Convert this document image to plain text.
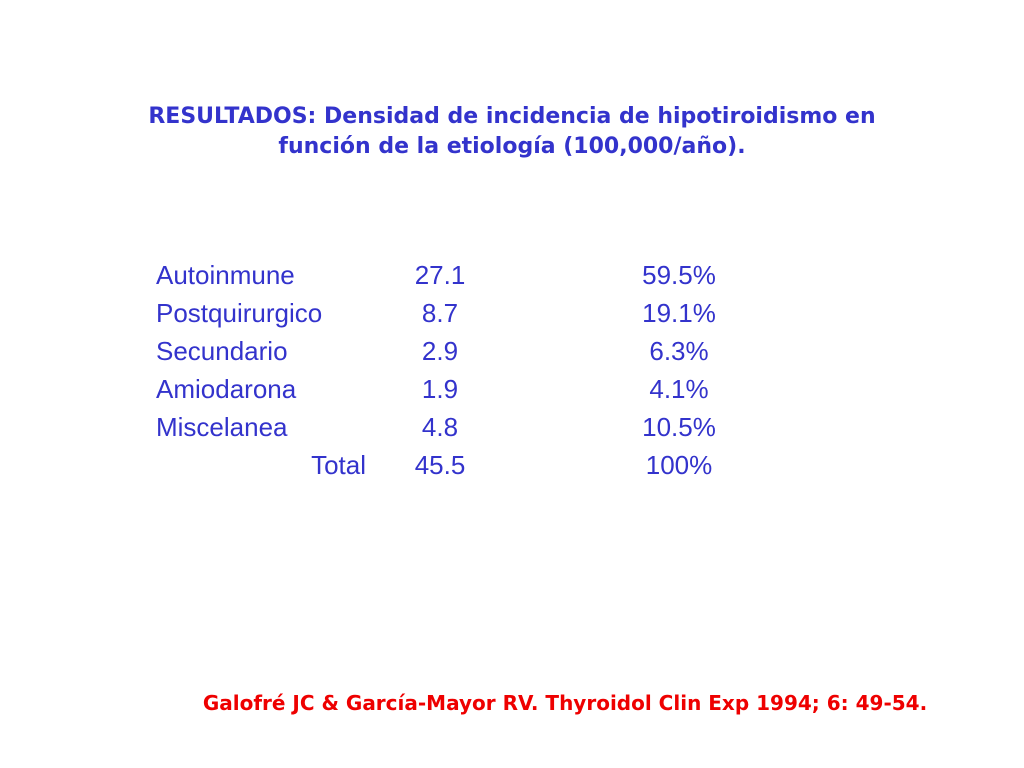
RESULTADOS: Densidad de incidencia de hipotiroidismo en
función de la etiología (100,000/año).
Autoinmune	27.1	59.5%
Postquirurgico	8.7	19.1%
Secundario	2.9	6.3%
Amiodarona	1.9	4.1%
Miscelanea	4.8	10.5%
Total	45.5	100%
Galofré JC & García-Mayor RV. Thyroidol Clin Exp 1994; 6: 49-54.
